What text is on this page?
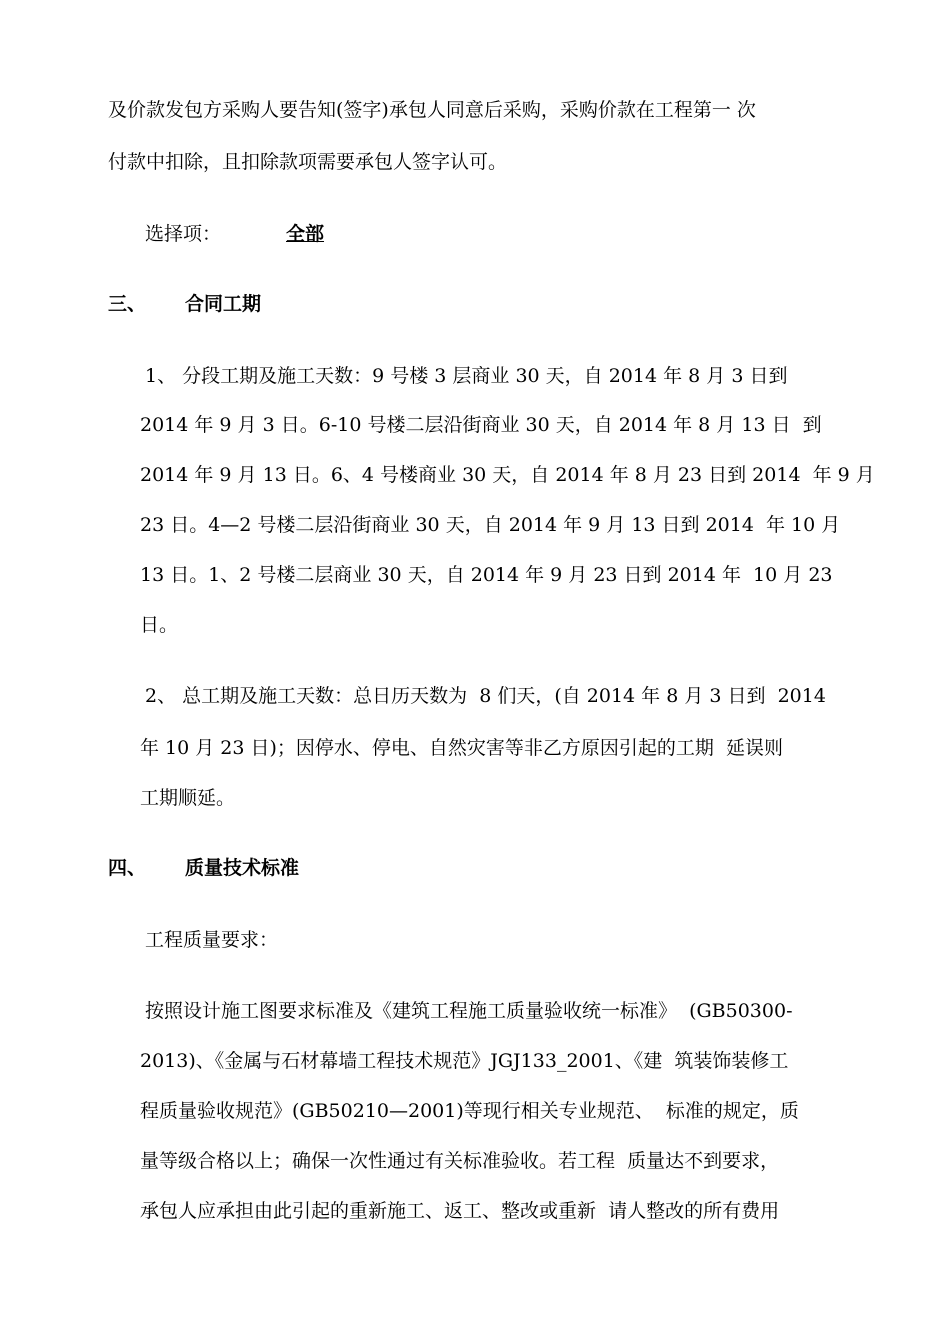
及价款发包方采购人要告知(签字)承包人同意后采购，采购价款在工程第一 次
付款中扣除，且扣除款项需要承包人签字认可。
选择项：	全部
三、	合同工期
1、 分段工期及施工天数：9 号楼 3 层商业 30 天，自 2014 年 8 月 3 日到
2014 年 9 月 3 日。6-10 号楼二层沿街商业 30 天，自 2014 年 8 月 13 日  到
2014 年 9 月 13 日。6、4 号楼商业 30 天，自 2014 年 8 月 23 日到 2014  年 9 月
23 日。4—2 号楼二层沿街商业 30 天，自 2014 年 9 月 13 日到 2014  年 10 月
13 日。1、2 号楼二层商业 30 天，自 2014 年 9 月 23 日到 2014 年  10 月 23
日。
2、 总工期及施工天数：总日历天数为  8 们天，(自 2014 年 8 月 3 日到  2014
年 10 月 23 日)；因停水、停电、自然灾害等非乙方原因引起的工期  延误则
工期顺延。
四、	质量技术标准
工程质量要求：
按照设计施工图要求标准及《建筑工程施工质量验收统一标准》  (GB50300-
2013)、《金属与石材幕墙工程技术规范》JGJ133_2001、《建  筑装饰装修工
程质量验收规范》(GB50210—2001)等现行相关专业规范、  标准的规定，质
量等级合格以上；确保一次性通过有关标准验收。若工程  质量达不到要求，
承包人应承担由此引起的重新施工、返工、整改或重新  请人整改的所有费用
